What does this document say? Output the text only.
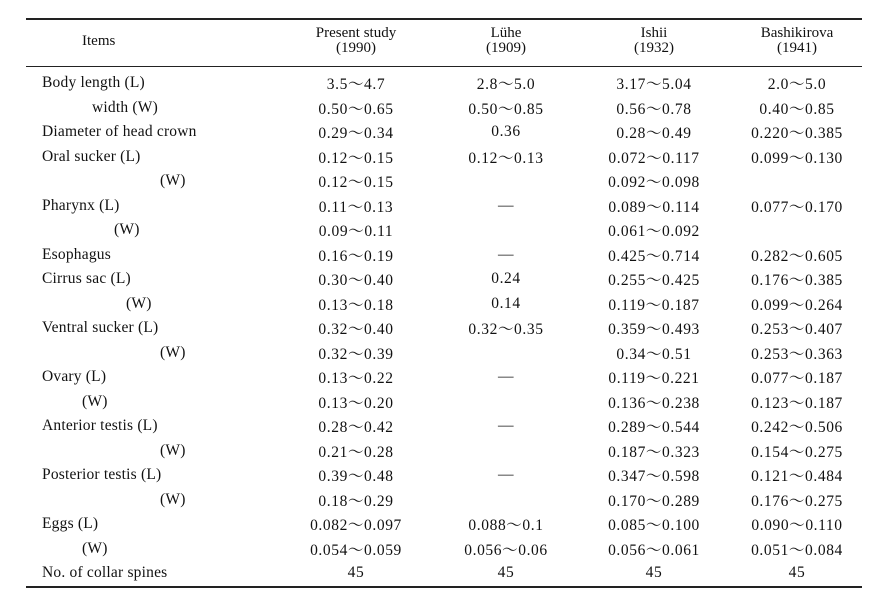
Items	Present study
(1990)
	Lühe
(1909)
	Ishii
(1932)
	Bashikirova
(1941)
Body length (L)	3.5～4.7	2.8～5.0	3.17～5.04	2.0～5.0
width (W)	0.50～0.65	0.50～0.85	0.56～0.78	0.40～0.85
Diameter of head crown	0.29～0.34	0.36	0.28～0.49	0.220～0.385
Oral sucker (L)	0.12～0.15	0.12～0.13	0.072～0.117	0.099～0.130
(W)	0.12～0.15		0.092～0.098	
Pharynx (L)	0.11～0.13	—	0.089～0.114	0.077～0.170
(W)	0.09～0.11		0.061～0.092	
Esophagus	0.16～0.19	—	0.425～0.714	0.282～0.605
Cirrus sac (L)	0.30～0.40	0.24	0.255～0.425	0.176～0.385
(W)	0.13～0.18	0.14	0.119～0.187	0.099～0.264
Ventral sucker (L)	0.32～0.40	0.32～0.35	0.359～0.493	0.253～0.407
(W)	0.32～0.39		0.34～0.51	0.253～0.363
Ovary (L)	0.13～0.22	—	0.119～0.221	0.077～0.187
(W)	0.13～0.20		0.136～0.238	0.123～0.187
Anterior testis (L)	0.28～0.42	—	0.289～0.544	0.242～0.506
(W)	0.21～0.28		0.187～0.323	0.154～0.275
Posterior testis (L)	0.39～0.48	—	0.347～0.598	0.121～0.484
(W)	0.18～0.29		0.170～0.289	0.176～0.275
Eggs (L)	0.082～0.097	0.088～0.1	0.085～0.100	0.090～0.110
(W)	0.054～0.059	0.056～0.06	0.056～0.061	0.051～0.084
No. of collar spines	45	45	45	45
